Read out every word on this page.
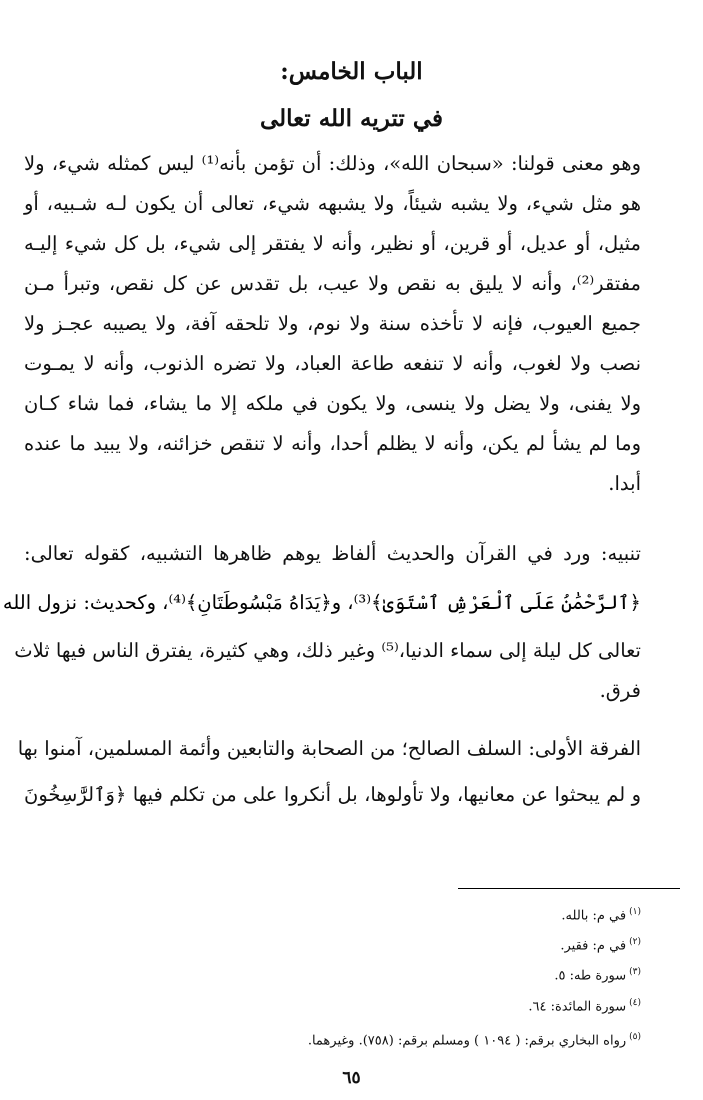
الباب الخامس:
في تتريه الله تعالى
وهو معنى قولنا: «سبحان الله»، وذلك: أن تؤمن بأنه⁽¹⁾ ليس كمثله شيء، ولا
هو مثل شيء، ولا يشبه شيئاً، ولا يشبهه شيء، تعالى أن يكون لـه شـبيه، أو
مثيل، أو عديل، أو قرين، أو نظير، وأنه لا يفتقر إلى شيء، بل كل شيء إليـه
مفتقر⁽²⁾، وأنه لا يليق به نقص ولا عيب، بل تقدس عن كل نقص، وتبرأ مـن
جميع العيوب، فإنه لا تأخذه سنة ولا نوم، ولا تلحقه آفة، ولا يصيبه عجـز ولا
نصب ولا لغوب، وأنه لا تنفعه طاعة العباد، ولا تضره الذنوب، وأنه لا يمـوت
ولا يفنى، ولا يضل ولا ينسى، ولا يكون في ملكه إلا ما يشاء، فما شاء كـان
وما لم يشأ لم يكن، وأنه لا يظلم أحدا، وأنه لا تنقص خزائنه، ولا يبيد ما عنده
أبدا.
تنبيه: ورد في القرآن والحديث ألفاظ يوهم ظاهرها التشبيه، كقوله تعالى:
﴿ٱلرَّحْمَٰنُ عَلَى ٱلْعَرْشِ ٱسْتَوَىٰ﴾⁽³⁾، و﴿يَدَاهُ مَبْسُوطَتَانِ﴾⁽⁴⁾، وكحديث: نزول الله
تعالى كل ليلة إلى سماء الدنيا،⁽⁵⁾ وغير ذلك، وهي كثيرة، يفترق الناس فيها ثلاث
فرق.
الفرقة الأولى: السلف الصالح؛ من الصحابة والتابعين وأئمة المسلمين، آمنوا بها
و لم يبحثوا عن معانيها، ولا تأولوها، بل أنكروا على من تكلم فيها ﴿وَٱلرَّٰسِخُونَ
$^{(١)}$في م: بالله.
$^{(٢)}$في م: فقير.
$^{(٣)}$سورة طه: ٥.
$^{(٤)}$سورة المائدة: ٦٤.
$^{(٥)}$رواه البخاري برقم: ( ١٠٩٤ ) ومسلم برقم: (٧٥٨). وغيرهما.
٦٥
